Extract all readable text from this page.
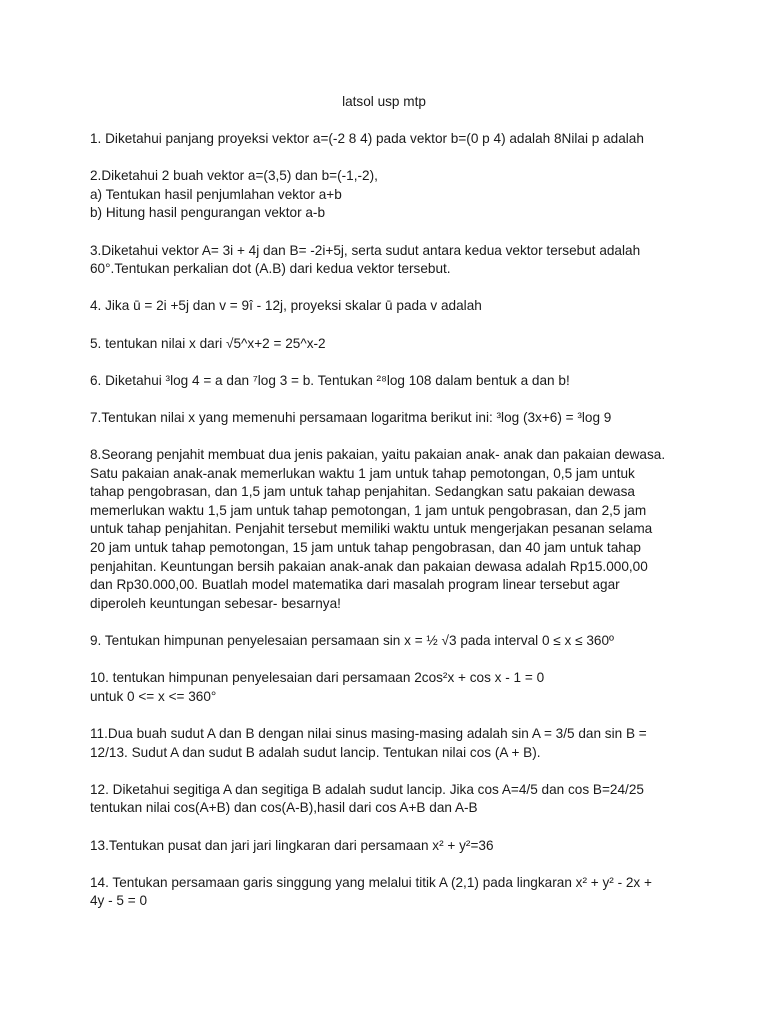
latsol usp mtp

1. Diketahui panjang proyeksi vektor a=(-2 8 4) pada vektor b=(0 p 4) adalah 8Nilai p adalah
2.Diketahui 2 buah vektor a=(3,5) dan b=(-1,-2),
a) Tentukan hasil penjumlahan vektor a+b
b) Hitung hasil pengurangan vektor a-b
3.Diketahui vektor A= 3i + 4j dan B= -2i+5j, serta sudut antara kedua vektor tersebut adalah
60°.Tentukan perkalian dot (A.B) dari kedua vektor tersebut.
4. Jika ū = 2i +5j dan v = 9î - 12j, proyeksi skalar ū pada v adalah
5. tentukan nilai x dari √5^x+2 = 25^x-2
6. Diketahui ³log 4 = a dan ⁷log 3 = b. Tentukan ²⁸log 108 dalam bentuk a dan b!
7.Tentukan nilai x yang memenuhi persamaan logaritma berikut ini: ³log (3x+6) = ³log 9
8.Seorang penjahit membuat dua jenis pakaian, yaitu pakaian anak- anak dan pakaian dewasa.
Satu pakaian anak-anak memerlukan waktu 1 jam untuk tahap pemotongan, 0,5 jam untuk
tahap pengobrasan, dan 1,5 jam untuk tahap penjahitan. Sedangkan satu pakaian dewasa
memerlukan waktu 1,5 jam untuk tahap pemotongan, 1 jam untuk pengobrasan, dan 2,5 jam
untuk tahap penjahitan. Penjahit tersebut memiliki waktu untuk mengerjakan pesanan selama
20 jam untuk tahap pemotongan, 15 jam untuk tahap pengobrasan, dan 40 jam untuk tahap
penjahitan. Keuntungan bersih pakaian anak-anak dan pakaian dewasa adalah Rp15.000,00
dan Rp30.000,00. Buatlah model matematika dari masalah program linear tersebut agar
diperoleh keuntungan sebesar- besarnya!
9. Tentukan himpunan penyelesaian persamaan sin x = ½ √3 pada interval 0 ≤ x ≤ 360º
10. tentukan himpunan penyelesaian dari persamaan 2cos²x + cos x - 1 = 0
untuk 0 <= x <= 360°
11.Dua buah sudut A dan B dengan nilai sinus masing-masing adalah sin A = 3/5 dan sin B =
12/13. Sudut A dan sudut B adalah sudut lancip. Tentukan nilai cos (A + B).
12. Diketahui segitiga A dan segitiga B adalah sudut lancip. Jika cos A=4/5 dan cos B=24/25
tentukan nilai cos(A+B) dan cos(A-B),hasil dari cos A+B dan A-B
13.Tentukan pusat dan jari jari lingkaran dari persamaan x² + y²=36
14. Tentukan persamaan garis singgung yang melalui titik A (2,1) pada lingkaran x² + y² - 2x +
4y - 5 = 0
